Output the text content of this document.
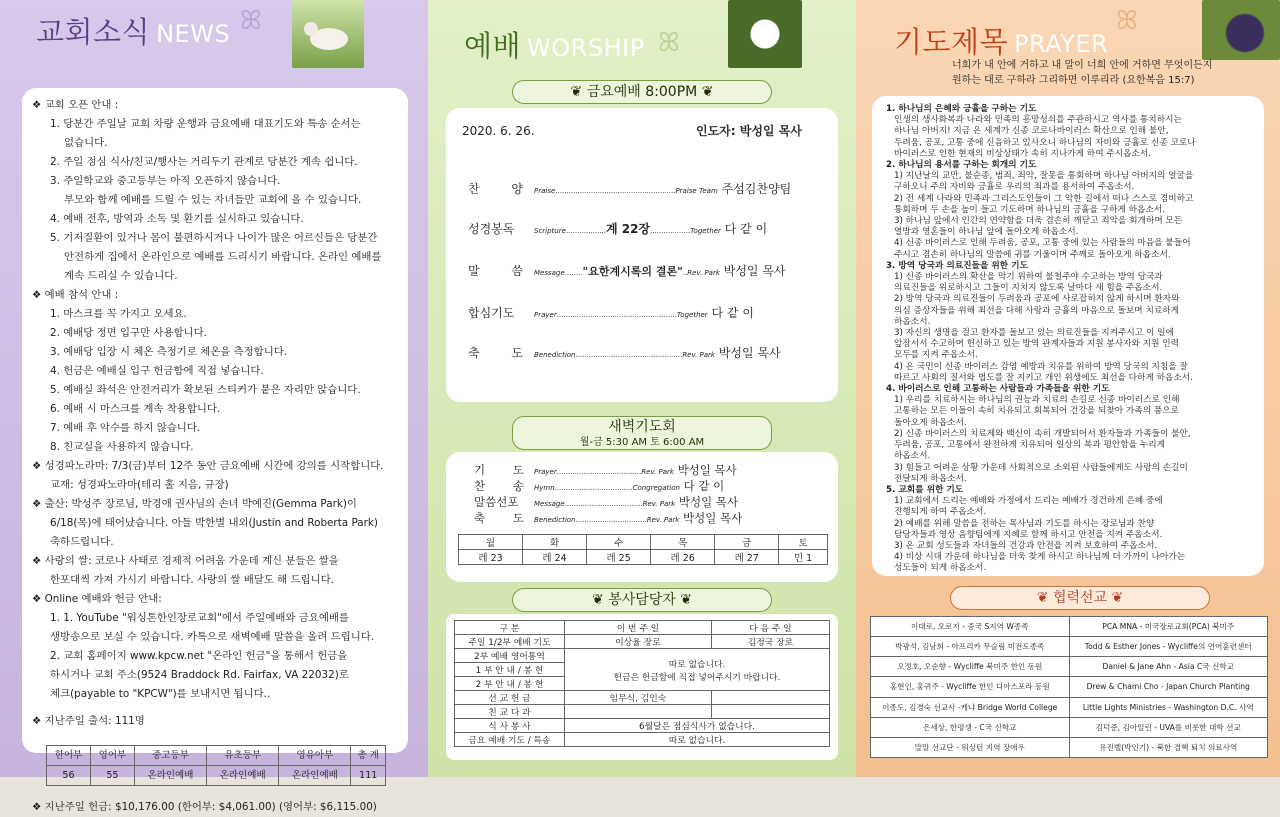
교회소식 NEWS ꕤ
❖ 교회 오픈 안내 :
1. 당분간 주일날 교회 차량 운행과 금요예배 대표기도와 특송 순서는
없습니다.
2. 주일 점심 식사/친교/행사는 거리두기 관계로 당분간 계속 쉽니다.
3. 주일학교와 중고등부는 아직 오픈하지 않습니다.
부모와 함께 예배를 드릴 수 있는 자녀들만 교회에 올 수 있습니다.
4. 예배 전후, 방역과 소독 및 환기를 실시하고 있습니다.
5. 기저질환이 있거나 몸이 불편하시거나 나이가 많은 어르신들은 당분간
안전하게 집에서 온라인으로 예배를 드리시기 바랍니다. 온라인 예배를
계속 드리실 수 있습니다.
❖ 예배 참석 안내 :
1. 마스크를 꼭 가지고 오세요.
2. 예배당 정면 입구만 사용합니다.
3. 예배당 입장 시 체온 측정기로 체온을 측정합니다.
4. 헌금은 예배실 입구 헌금함에 직접 넣습니다.
5. 예배실 좌석은 안전거리가 확보된 스티커가 붙은 자리만 앉습니다.
6. 예배 시 마스크를 계속 착용합니다.
7. 예배 후 악수를 하지 않습니다.
8. 친교실을 사용하지 않습니다.
❖ 성경파노라마: 7/3(금)부터 12주 동안 금요예배 시간에 강의를 시작합니다.
교재: 성경파노라마(테리 홀 지음, 규장)
❖ 출산: 박성주 장로님, 박경애 권사님의 손녀 박예진(Gemma Park)이
6/18(목)에 태어났습니다. 아들 박한별 내외(Justin and Roberta Park)
축하드립니다.
❖ 사랑의 쌀: 코로나 사태로 경제적 어려움 가운데 계신 분들은 쌀을
한포대씩 가져 가시기 바랍니다. 사랑의 쌀 배달도 해 드립니다.
❖ Online 예배와 헌금 안내:
1. 1. YouTube "워싱톤한인장로교회"에서 주일예배와 금요예배를
생방송으로 보실 수 있습니다. 카톡으로 새벽예배 말씀을 올려 드립니다.
2. 교회 홈페이지 www.kpcw.net "온라인 헌금"을 통해서 헌금을
하시거나 교회 주소(9524 Braddock Rd. Fairfax, VA 22032)로
체크(payable to "KPCW")를 보내시면 됩니다..
❖ 지난주일 출석: 111명
한어부	영어부	중고등부	유초등부	영유아부	총 계
56	55	온라인예배	온라인예배	온라인예배	111
❖ 지난주일 헌금: $10,176.00 (한어부: $4,061.00) (영어부: $6,115.00)
예배 WORSHIP ꕤ
❦ 금요예배 8:00PM ❦
2020. 6. 26.	인도자: 박성일 목사
찬 양Praise......................................................Praise Team 주섬김찬양팀
성경봉독	Scripture..................계 22장..................Together 다 같 이
말 씀Message........"요한계시록의 결론"..Rev. Park 박성일 목사
합심기도	Prayer......................................................Together 다 같 이
축 도Benediction................................................Rev. Park 박성일 목사
새벽기도회
월-금 5:30 AM 토 6:00 AM
기 도Prayer......................................Rev. Park 박성일 목사
찬 송Hymn...................................Congregation 다 같 이
말씀선포 Message...................................Rev. Park 박성일 목사
축 도Benediction................................Rev. Park 박성일 목사
월	화	수	목	금	토
레 23	레 24	레 25	레 26	레 27	민 1
❦ 봉사담당자 ❦
구 분	이 번 주 일	다 음 주 일
주일 1/2부 예배 기도	이상율 장로	김정국 장로
2부 예배 영어통역	따로 없습니다.
헌금은 헌금함에 직접 넣어주시기 바랍니다.	

1 부 안 내 / 봉 헌		
2 부 안 내 / 봉 헌		
선 교 헌 금	임무식, 김인숙	
친 교 다 과		
식 사 봉 사	6월달은 점심식사가 없습니다.	
금요 예배 기도 / 특송	따로 없습니다.	
기도제목 PRAYER
ꕤ
너희가 내 안에 거하고 내 말이 너희 안에 거하면 무엇이든지
원하는 대로 구하라 그리하면 이루리라 (요한복음 15:7)
1. 하나님의 은혜와 긍휼을 구하는 기도
인생의 생사화복과 나라와 민족의 흥망성쇠를 주관하시고 역사를 통치하시는
하나님 아버지! 지금 온 세계가 신종 코로나바이러스 확산으로 인해 불안,
두려움, 공포, 고통 중에 신음하고 있사오니 하나님의 자비와 긍휼로 신종 코로나
바이러스로 인한 현재의 비상상태가 속히 지나가게 하여 주시옵소서.
2. 하나님의 용서를 구하는 회개의 기도
1) 지난날의 교만, 불순종, 범죄, 죄악, 잘못을 통회하며 하나님 아버지의 얼굴을
구하오니 주의 자비와 긍휼로 우리의 죄과를 용서하여 주옵소서.
2) 전 세계 나라와 민족과 그리스도인들이 그 악한 길에서 떠나 스스로 겸비하고
통회하며 두 손을 높이 들고 기도하며 하나님의 긍휼을 구하게 하옵소서.
3) 하나님 앞에서 인간의 연약함을 더욱 겸손히 깨닫고 죄악을 회개하며 모든
열방과 영혼들이 하나님 앞에 돌아오게 하옵소서.
4) 신종 바이러스로 인해 두려움, 공포, 고통 중에 있는 사람들의 마음을 붙들어
주시고 겸손히 하나님의 말씀에 귀를 기울이며 주께로 돌아오게 하옵소서.
3. 방역 당국과 의료진들을 위한 기도
1) 신종 바이러스의 확산을 막기 위하여 불철주야 수고하는 방역 당국과
의료진들을 위로하시고 그들이 지치지 않도록 날마다 새 힘을 주옵소서.
2) 방역 당국과 의료진들이 두려움과 공포에 사로잡히지 않게 하시며 환자와
의심 증상자들을 위해 최선을 다해 사랑과 긍휼의 마음으로 돌보며 치료하게
하옵소서.
3) 자신의 생명을 걸고 환자를 돌보고 있는 의료진들을 지켜주시고 이 일에
앞장서서 수고하며 헌신하고 있는 방역 관계자들과 지원 봉사자와 지원 인력
모두를 지켜 주옵소서.
4) 온 국민이 신종 바이러스 감염 예방과 치유를 위하여 방역 당국의 지침을 잘
따르고 사회의 질서와 법도를 잘 지키고 개인 위생에도 최선을 다하게 하옵소서.
4. 바이러스로 인해 고통하는 사람들과 가족들을 위한 기도
1) 우리를 치료하시는 하나님의 권능과 치료의 손길로 신종 바이러스로 인해
고통하는 모든 이들이 속히 치유되고 회복되어 건강을 되찾아 가족의 품으로
돌아오게 하옵소서.
2) 신종 바이러스의 치료제와 백신이 속히 개발되어서 환자들과 가족들이 불안,
두려움, 공포, 고통에서 완전하게 치유되어 일상의 복과 평안함을 누리게
하옵소서.
3) 힘들고 어려운 상황 가운데 사회적으로 소외된 사람들에게도 사랑의 손길이
전달되게 하옵소서.
5. 교회를 위한 기도
1) 교회에서 드리는 예배와 가정에서 드리는 예배가 경건하게 은혜 중에
진행되게 하여 주옵소서.
2) 예배를 위해 말씀을 전하는 목사님과 기도를 하시는 장로님과 찬양
담당자들과 영상 음향팀에게 지혜로 함께 하시고 안전을 지켜 주옵소서.
3) 온 교회 성도들과 자녀들의 건강과 안전을 지켜 보호하여 주옵소서.
4) 비상 시대 가운데 하나님을 더욱 찾게 하시고 하나님께 더 가까이 나아가는
성도들이 되게 하옵소서.
❦ 협력선교 ❦
이대로, 오로지 - 중국 S지역 W종족	PCA MNA - 미국장로교회(PCA) 북미주
박광석, 김남희 - 아프리카 무슬림 미전도종족	Todd & Esther Jones - Wycliffe의 언어훈련센터
오정호, 오순향 - Wycliffe 북미주 한인 동원	Daniel & Jane Ahn - Asia C국 신학교
홍현인, 홍귀주 - Wycliffe 한인 디아스포라 동원	Drew & Chami Cho - Japan Church Planting
이종도, 김경숙 선교사 -케냐 Bridge World College	Little Lights Ministries - Washington D.C. 사역
은세상, 한평생 - C국 신학교	김덕준, 김아일린 - UVA를 비롯한 대학 선교
말말 선교단 - 워싱턴 지역 장애우	유진벨(박인기) - 북한 결핵 퇴치 의료사역
